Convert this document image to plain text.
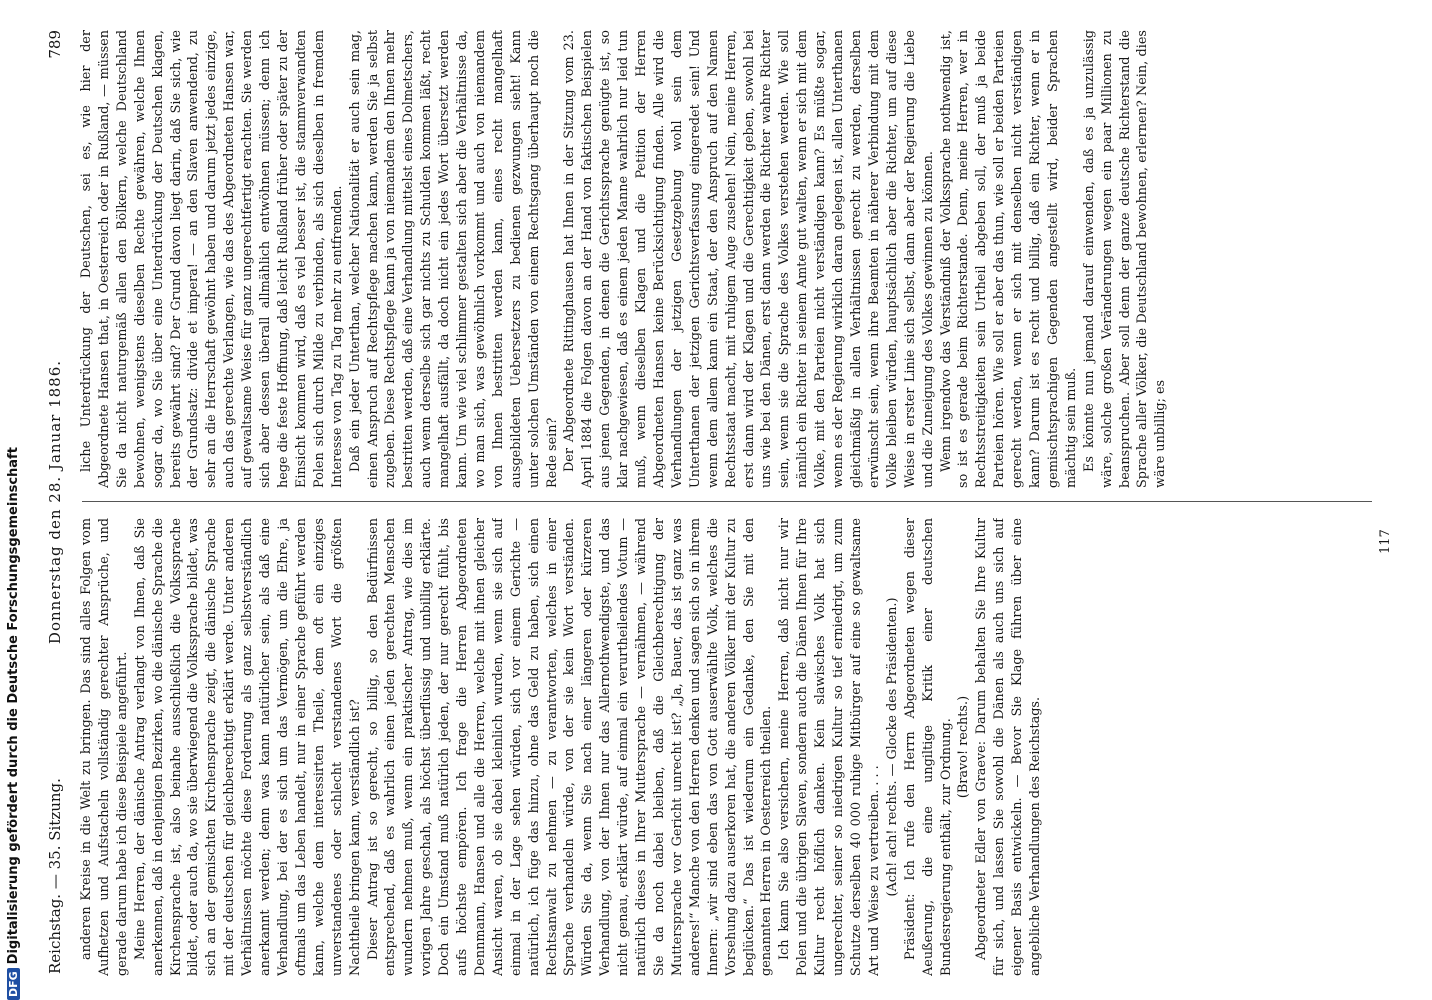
Reichstag. — 35. Sitzung.
Donnerstag den 28. Januar 1886.
789

anderen Kreise in die Welt zu bringen. Das sind alles Folgen vom Aufhetzen und Aufstacheln vollständig gerechter Ansprüche, und gerade darum habe ich diese Beispiele angeführt. Meine Herren, der dänische Antrag verlangt von Ihnen, daß Sie anerkennen, daß in denjenigen Bezirken, wo die dänische Sprache die Kirchensprache ist, also beinahe ausschließlich die Volkssprache bildet, oder auch da, wo sie überwiegend die Volkssprache bildet, was sich an der gemischten Kirchensprache zeigt, die dänische Sprache mit der deutschen für gleichberechtigt erklärt werde. Unter anderen Verhältnissen möchte diese Forderung als ganz selbstverständlich anerkannt werden; denn was kann natürlicher sein, als daß eine Verhandlung, bei der es sich um das Vermögen, um die Ehre, ja oftmals um das Leben handelt, nur in einer Sprache geführt werden kann, welche dem interessirten Theile, dem oft ein einziges unverstandenes oder schlecht verstandenes Wort die größten Nachtheile bringen kann, verständlich ist? Dieser Antrag ist so gerecht, so billig, so den Bedürfnissen entsprechend, daß es wahrlich einen jeden gerechten Menschen wundern nehmen muß, wenn ein praktischer Antrag, wie dies im vorigen Jahre geschah, als höchst überflüssig und unbillig erklärte. Doch ein Umstand muß natürlich jeden, der nur gerecht fühlt, bis aufs höchste empören. Ich frage die Herren Abgeordneten Dennmann, Hansen und alle die Herren, welche mit ihnen gleicher Ansicht waren, ob sie dabei kleinlich wurden, wenn sie sich auf einmal in der Lage sehen würden, sich vor einem Gerichte — natürlich, ich füge das hinzu, ohne das Geld zu haben, sich einen Rechtsanwalt zu nehmen — zu verantworten, welches in einer Sprache verhandeln würde, von der sie kein Wort verständen. Würden Sie da, wenn Sie nach einer längeren oder kürzeren Verhandlung, von der Ihnen nur das Allernothwendigste, und das nicht genau, erklärt würde, auf einmal ein verurtheilendes Votum — natürlich dieses in Ihrer Muttersprache — vernähmen, — während Sie da noch dabei bleiben, daß die Gleichberechtigung der Muttersprache vor Gericht unrecht ist? „Ja, Bauer, das ist ganz was anderes!“ Manche von den Herren denken und sagen sich so in ihrem Innern: „wir sind eben das von Gott auserwählte Volk, welches die Vorsehung dazu auserkoren hat, die anderen Völker mit der Kultur zu beglücken.“ Das ist wiederum ein Gedanke, den Sie mit den genannten Herren in Oesterreich theilen. Ich kann Sie also versichern, meine Herren, daß nicht nur wir Polen und die übrigen Slaven, sondern auch die Dänen Ihnen für Ihre Kultur recht höflich danken. Kein slawisches Volk hat sich ungerechter, seiner so niedrigen Kultur so tief erniedrigt, um zum Schutze derselben 40 000 ruhige Mitbürger auf eine so gewaltsame Art und Weise zu vertreiben. . . . (Ach! ach! rechts. — Glocke des Präsidenten.) Präsident: Ich rufe den Herrn Abgeordneten wegen dieser Aeußerung, die eine ungiltige Kritik einer deutschen Bundesregierung enthält, zur Ordnung. (Bravo! rechts.) Abgeordneter Edler von Graeve: Darum behalten Sie Ihre Kultur für sich, und lassen Sie sowohl die Dänen als auch uns sich auf eigener Basis entwickeln. — Bevor Sie Klage führen über eine angebliche Verhandlungen des Reichstags.

liche Unterdrückung der Deutschen, sei es, wie hier der Abgeordnete Hansen that, in Oesterreich oder in Rußland, — müssen Sie da nicht naturgemäß allen den Bölkern, welche Deutschland bewohnen, wenigstens dieselben Rechte gewähren, welche Ihnen sogar da, wo Sie über eine Unterdrückung der Deutschen klagen, bereits gewährt sind? Der Grund davon liegt darin, daß Sie sich, wie der Grundsatz: divide et impera! — an den Slaven anwendend, zu sehr an die Herrschaft gewöhnt haben und darum jetzt jedes einzige, auch das gerechte Verlangen, wie das des Abgeordneten Hansen war, auf gewaltsame Weise für ganz ungerechtfertigt erachten. Sie werden sich aber dessen überall allmählich entwöhnen müssen; denn ich hege die feste Hoffnung, daß leicht Rußland früher oder später zu der Einsicht kommen wird, daß es viel besser ist, die stammverwandten Polen sich durch Milde zu verbinden, als sich dieselben in fremdem Interesse von Tag zu Tag mehr zu entfremden. Daß ein jeder Unterthan, welcher Nationalität er auch sein mag, einen Anspruch auf Rechtspflege machen kann, werden Sie ja selbst zugeben. Diese Rechtspflege kann ja von niemandem den Ihnen mehr bestritten werden, daß eine Verhandlung mittelst eines Dolmetschers, auch wenn derselbe sich gar nichts zu Schulden kommen läßt, recht mangelhaft ausfällt, da doch nicht ein jedes Wort übersetzt werden kann. Um wie viel schlimmer gestalten sich aber die Verhältnisse da, wo man sich, was gewöhnlich vorkommt und auch von niemandem von Ihnen bestritten werden kann, eines recht mangelhaft ausgebildeten Uebersetzers zu bedienen gezwungen sieht! Kann unter solchen Umständen von einem Rechtsgang überhaupt noch die Rede sein? Der Abgeordnete Rittinghausen hat Ihnen in der Sitzung vom 23. April 1884 die Folgen davon an der Hand von faktischen Beispielen aus jenen Gegenden, in denen die Gerichtssprache genügte ist, so klar nachgewiesen, daß es einem jeden Manne wahrlich nur leid tun muß, wenn dieselben Klagen und die Petition der Herren Abgeordneten Hansen keine Berücksichtigung finden. Alle wird die Verhandlungen der jetzigen Gesetzgebung wohl sein dem Unterthanen der jetzigen Gerichtsverfassung eingeredet sein! Und wenn dem allem kann ein Staat, der den Anspruch auf den Namen Rechtsstaat macht, mit ruhigem Auge zusehen! Nein, meine Herren, erst dann wird der Klagen und die Gerechtigkeit geben, sowohl bei uns wie bei den Dänen, erst dann werden die Richter wahre Richter sein, wenn sie die Sprache des Volkes verstehen werden. Wie soll nämlich ein Richter in seinem Amte gut walten, wenn er sich mit dem Volke, mit den Parteien nicht verständigen kann? Es müßte sogar, wenn es der Regierung wirklich daran gelegen ist, allen Unterthanen gleichmäßig in allen Verhältnissen gerecht zu werden, derselben erwünscht sein, wenn ihre Beamten in näherer Verbindung mit dem Volke bleiben würden, hauptsächlich aber die Richter, um auf diese Weise in erster Linie sich selbst, dann aber der Regierung die Liebe und die Zuneigung des Volkes gewinnen zu können. Wenn irgendwo das Verständniß der Volkssprache nothwendig ist, so ist es gerade beim Richterstande. Denn, meine Herren, wer in Rechtsstreitigkeiten sein Urtheil abgeben soll, der muß ja beide Parteien hören. Wie soll er aber das thun, wie soll er beiden Parteien gerecht werden, wenn er sich mit denselben nicht verständigen kann? Darum ist es recht und billig, daß ein Richter, wenn er in gemischtsprachigen Gegenden angestellt wird, beider Sprachen mächtig sein muß. Es könnte nun jemand darauf einwenden, daß es ja unzulässig wäre, solche großen Veränderungen wegen ein paar Millionen zu beanspruchen. Aber soll denn der ganze deutsche Richterstand die Sprache aller Völker, die Deutschland bewohnen, erlernen? Nein, dies wäre unbillig; es

117
DFGDigitalisierung gefördert durch die Deutsche Forschungsgemeinschaft
